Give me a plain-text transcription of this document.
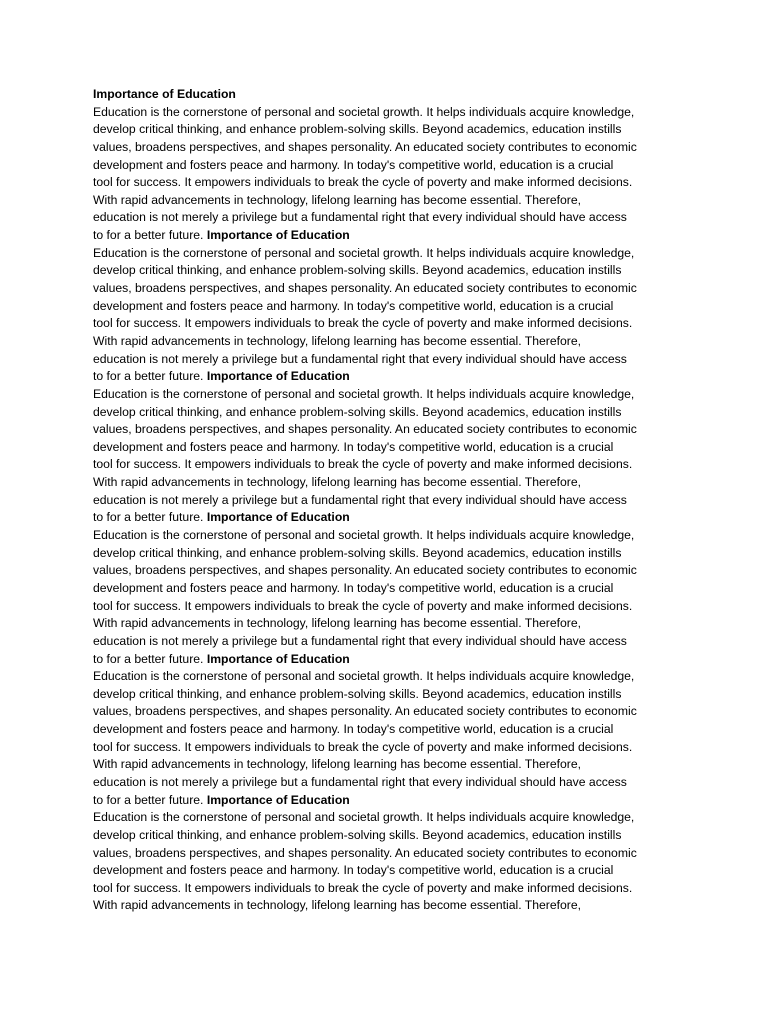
Importance of Education
Education is the cornerstone of personal and societal growth. It helps individuals acquire knowledge,
develop critical thinking, and enhance problem-solving skills. Beyond academics, education instills
values, broadens perspectives, and shapes personality. An educated society contributes to economic
development and fosters peace and harmony. In today's competitive world, education is a crucial
tool for success. It empowers individuals to break the cycle of poverty and make informed decisions.
With rapid advancements in technology, lifelong learning has become essential. Therefore,
education is not merely a privilege but a fundamental right that every individual should have access
to for a better future. Importance of Education
Education is the cornerstone of personal and societal growth. It helps individuals acquire knowledge,
develop critical thinking, and enhance problem-solving skills. Beyond academics, education instills
values, broadens perspectives, and shapes personality. An educated society contributes to economic
development and fosters peace and harmony. In today's competitive world, education is a crucial
tool for success. It empowers individuals to break the cycle of poverty and make informed decisions.
With rapid advancements in technology, lifelong learning has become essential. Therefore,
education is not merely a privilege but a fundamental right that every individual should have access
to for a better future. Importance of Education
Education is the cornerstone of personal and societal growth. It helps individuals acquire knowledge,
develop critical thinking, and enhance problem-solving skills. Beyond academics, education instills
values, broadens perspectives, and shapes personality. An educated society contributes to economic
development and fosters peace and harmony. In today's competitive world, education is a crucial
tool for success. It empowers individuals to break the cycle of poverty and make informed decisions.
With rapid advancements in technology, lifelong learning has become essential. Therefore,
education is not merely a privilege but a fundamental right that every individual should have access
to for a better future. Importance of Education
Education is the cornerstone of personal and societal growth. It helps individuals acquire knowledge,
develop critical thinking, and enhance problem-solving skills. Beyond academics, education instills
values, broadens perspectives, and shapes personality. An educated society contributes to economic
development and fosters peace and harmony. In today's competitive world, education is a crucial
tool for success. It empowers individuals to break the cycle of poverty and make informed decisions.
With rapid advancements in technology, lifelong learning has become essential. Therefore,
education is not merely a privilege but a fundamental right that every individual should have access
to for a better future. Importance of Education
Education is the cornerstone of personal and societal growth. It helps individuals acquire knowledge,
develop critical thinking, and enhance problem-solving skills. Beyond academics, education instills
values, broadens perspectives, and shapes personality. An educated society contributes to economic
development and fosters peace and harmony. In today's competitive world, education is a crucial
tool for success. It empowers individuals to break the cycle of poverty and make informed decisions.
With rapid advancements in technology, lifelong learning has become essential. Therefore,
education is not merely a privilege but a fundamental right that every individual should have access
to for a better future. Importance of Education
Education is the cornerstone of personal and societal growth. It helps individuals acquire knowledge,
develop critical thinking, and enhance problem-solving skills. Beyond academics, education instills
values, broadens perspectives, and shapes personality. An educated society contributes to economic
development and fosters peace and harmony. In today's competitive world, education is a crucial
tool for success. It empowers individuals to break the cycle of poverty and make informed decisions.
With rapid advancements in technology, lifelong learning has become essential. Therefore,
